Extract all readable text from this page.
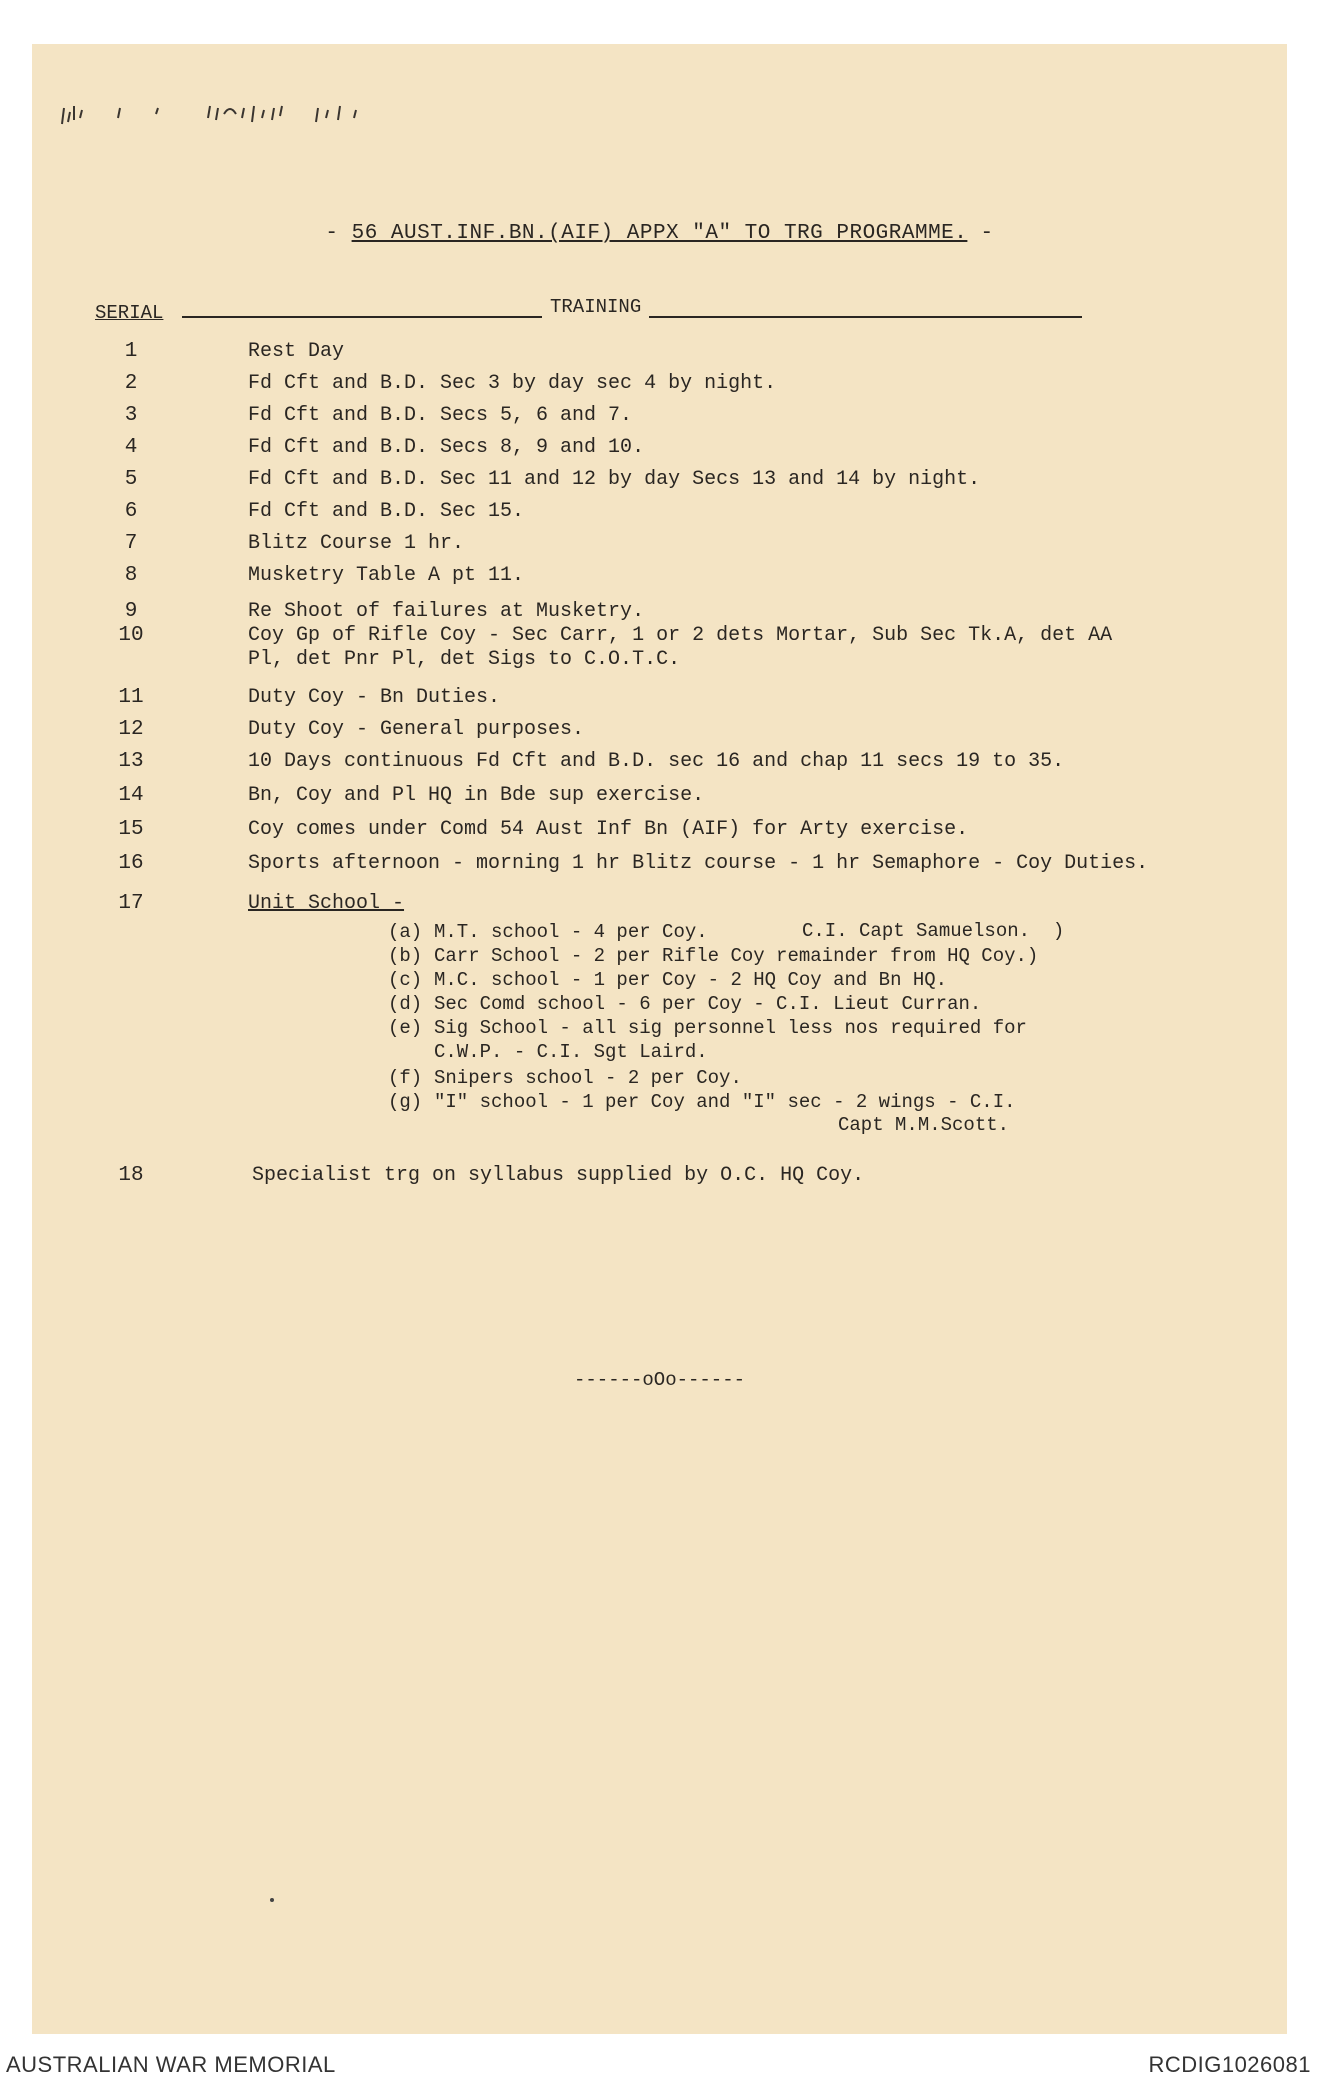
- 56 AUST.INF.BN.(AIF) APPX "A" TO TRG PROGRAMME. -
SERIAL	TRAINING
1	Rest Day
2	Fd Cft and B.D. Sec 3 by day sec 4 by night.
3	Fd Cft and B.D. Secs 5, 6 and 7.
4	Fd Cft and B.D. Secs 8, 9 and 10.
5	Fd Cft and B.D. Sec 11 and 12 by day Secs 13 and 14 by night.
6	Fd Cft and B.D. Sec 15.
7	Blitz Course 1 hr.
8	Musketry Table A pt 11.
9	Re Shoot of failures at Musketry.
10	Coy Gp of Rifle Coy - Sec Carr, 1 or 2 dets Mortar, Sub Sec Tk.A, det AA
Pl, det Pnr Pl, det Sigs to C.O.T.C.
11	Duty Coy - Bn Duties.
12	Duty Coy - General purposes.
13	10 Days continuous Fd Cft and B.D. sec 16 and chap 11 secs 19 to 35.
14	Bn, Coy and Pl HQ in Bde sup exercise.
15	Coy comes under Comd 54 Aust Inf Bn (AIF) for Arty exercise.
16	Sports afternoon - morning 1 hr Blitz course - 1 hr Semaphore - Coy Duties.
17	Unit School -
(a) M.T. school - 4 per Coy.	C.I. Capt Samuelson.  )
(b) Carr School - 2 per Rifle Coy remainder from HQ Coy.)
(c) M.C. school - 1 per Coy - 2 HQ Coy and Bn HQ.
(d) Sec Comd school - 6 per Coy - C.I. Lieut Curran.
(e) Sig School - all sig personnel less nos required for
C.W.P. - C.I. Sgt Laird.
(f) Snipers school - 2 per Coy.
(g) "I" school - 1 per Coy and "I" sec - 2 wings - C.I.
Capt M.M.Scott.
18	Specialist trg on syllabus supplied by O.C. HQ Coy.
------oOo------
AUSTRALIAN WAR MEMORIAL	RCDIG1026081
